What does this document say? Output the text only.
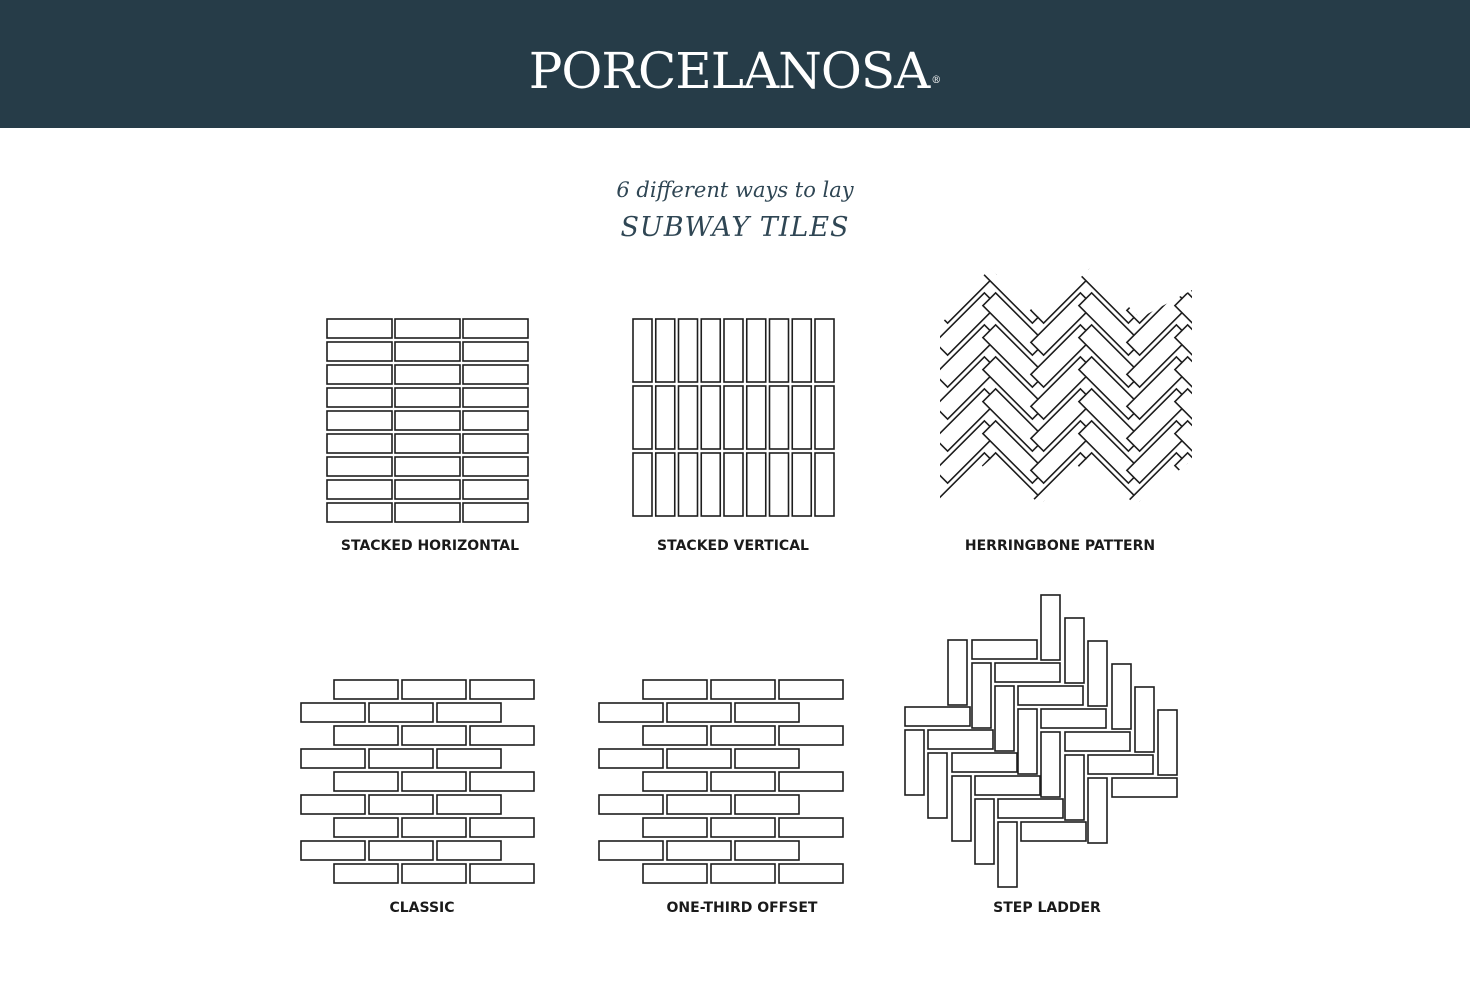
PORCELANOSA ®
6 different ways to lay
SUBWAY TILES
STACKED HORIZONTAL	STACKED VERTICAL	HERRINGBONE PATTERN
CLASSIC	ONE-THIRD OFFSET	STEP LADDER
